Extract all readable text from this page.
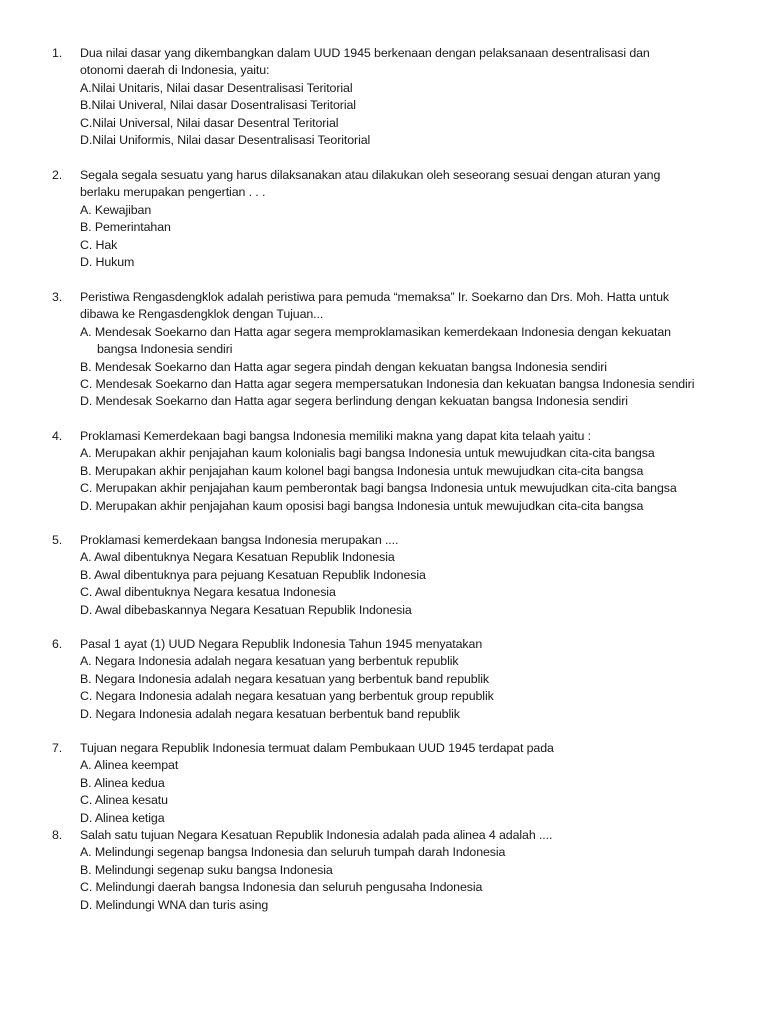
1.	Dua nilai dasar yang dikembangkan dalam UUD 1945 berkenaan dengan pelaksanaan desentralisasi dan
otonomi daerah di Indonesia, yaitu:
A.Nilai Unitaris, Nilai dasar Desentralisasi Teritorial
B.Nilai Univeral, Nilai dasar Dosentralisasi Teritorial
C.Nilai Universal, Nilai dasar Desentral Teritorial
D.Nilai Uniformis, Nilai dasar Desentralisasi Teoritorial
2.	Segala segala sesuatu yang harus dilaksanakan atau dilakukan oleh seseorang sesuai dengan aturan yang
berlaku merupakan pengertian . . .
A. Kewajiban
B. Pemerintahan
C. Hak
D. Hukum
3.	Peristiwa Rengasdengklok adalah peristiwa para pemuda “memaksa” Ir. Soekarno dan Drs. Moh. Hatta untuk
dibawa ke Rengasdengklok dengan Tujuan...
A. Mendesak Soekarno dan Hatta agar segera memproklamasikan kemerdekaan Indonesia dengan kekuatan
bangsa Indonesia sendiri
B. Mendesak Soekarno dan Hatta agar segera pindah dengan kekuatan bangsa Indonesia sendiri
C. Mendesak Soekarno dan Hatta agar segera mempersatukan Indonesia dan kekuatan bangsa Indonesia sendiri
D. Mendesak Soekarno dan Hatta agar segera berlindung dengan kekuatan bangsa Indonesia sendiri
4.	Proklamasi Kemerdekaan bagi bangsa Indonesia memiliki makna yang dapat kita telaah yaitu :
A. Merupakan akhir penjajahan kaum kolonialis bagi bangsa Indonesia untuk mewujudkan cita-cita bangsa
B. Merupakan akhir penjajahan kaum kolonel bagi bangsa Indonesia untuk mewujudkan cita-cita bangsa
C. Merupakan akhir penjajahan kaum pemberontak bagi bangsa Indonesia untuk mewujudkan cita-cita bangsa
D. Merupakan akhir penjajahan kaum oposisi bagi bangsa Indonesia untuk mewujudkan cita-cita bangsa
5.	Proklamasi kemerdekaan bangsa Indonesia merupakan ....
A. Awal dibentuknya Negara Kesatuan Republik Indonesia
B. Awal dibentuknya para pejuang Kesatuan Republik Indonesia
C. Awal dibentuknya Negara kesatua Indonesia
D. Awal dibebaskannya Negara Kesatuan Republik Indonesia
6.	Pasal 1 ayat (1) UUD Negara Republik Indonesia Tahun 1945 menyatakan
A. Negara Indonesia adalah negara kesatuan yang berbentuk republik
B. Negara Indonesia adalah negara kesatuan yang berbentuk band republik
C. Negara Indonesia adalah negara kesatuan yang berbentuk group republik
D. Negara Indonesia adalah negara kesatuan berbentuk band republik
7.	Tujuan negara Republik Indonesia termuat dalam Pembukaan UUD 1945 terdapat pada
A. Alinea keempat
B. Alinea kedua
C. Alinea kesatu
D. Alinea ketiga
8.	Salah satu tujuan Negara Kesatuan Republik Indonesia adalah pada alinea 4 adalah ....
A. Melindungi segenap bangsa Indonesia dan seluruh tumpah darah Indonesia
B. Melindungi segenap suku bangsa Indonesia
C. Melindungi daerah bangsa Indonesia dan seluruh pengusaha Indonesia
D. Melindungi WNA dan turis asing
